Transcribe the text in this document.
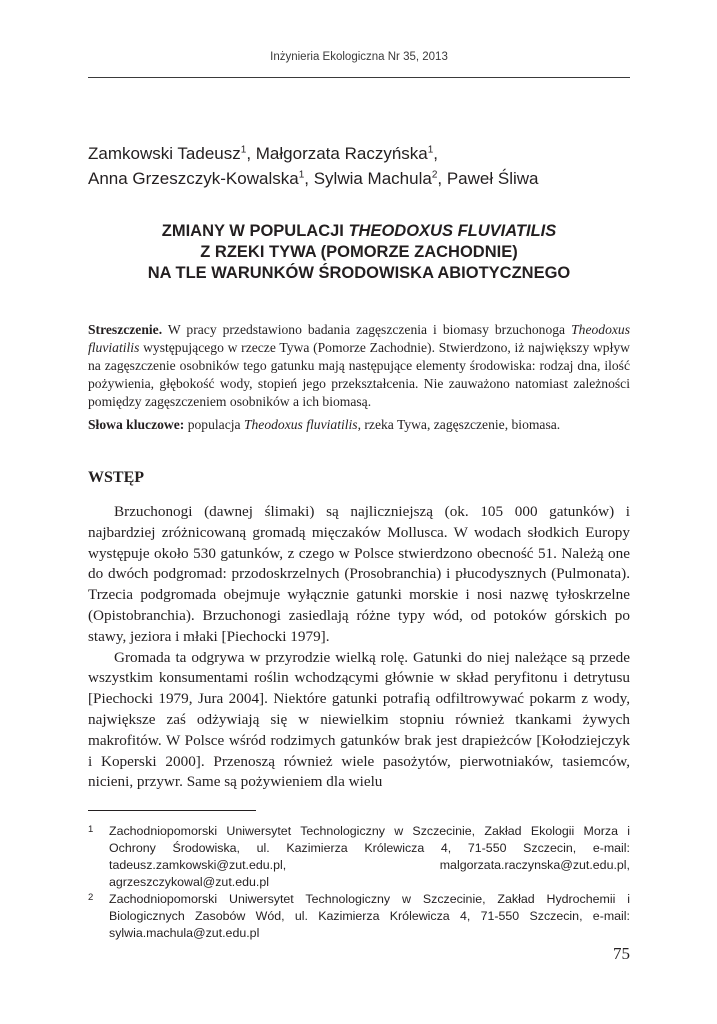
Inżynieria Ekologiczna Nr 35, 2013
Zamkowski Tadeusz$^1$, Małgorzata Raczyńska$^1$,
Anna Grzeszczyk-Kowalska$^1$, Sylwia Machula$^2$, Paweł Śliwa
ZMIANY W POPULACJI THEODOXUS FLUVIATILIS
Z RZEKI TYWA (POMORZE ZACHODNIE)
NA TLE WARUNKÓW ŚRODOWISKA ABIOTYCZNEGO

Streszczenie. W pracy przedstawiono badania zagęszczenia i biomasy brzuchonoga Theodoxus fluviatilis występującego w rzecze Tywa (Pomorze Zachodnie). Stwierdzono, iż największy wpływ na zagęszczenie osobników tego gatunku mają następujące elementy środowiska: rodzaj dna, ilość pożywienia, głębokość wody, stopień jego przekształcenia. Nie zauważono natomiast zależności pomiędzy zagęszczeniem osobników a ich biomasą.

Słowa kluczowe: populacja Theodoxus fluviatilis, rzeka Tywa, zagęszczenie, biomasa.

WSTĘP

Brzuchonogi (dawnej ślimaki) są najliczniejszą (ok. 105 000 gatunków) i najbardziej zróżnicowaną gromadą mięczaków Mollusca. W wodach słodkich Europy występuje około 530 gatunków, z czego w Polsce stwierdzono obecność 51. Należą one do dwóch podgromad: przodoskrzelnych (Prosobranchia) i płucodysznych (Pulmonata). Trzecia podgromada obejmuje wyłącznie gatunki morskie i nosi nazwę tyłoskrzelne (Opistobranchia). Brzuchonogi zasiedlają różne typy wód, od potoków górskich po stawy, jeziora i młaki [Piechocki 1979].

Gromada ta odgrywa w przyrodzie wielką rolę. Gatunki do niej należące są przede wszystkim konsumentami roślin wchodzącymi głównie w skład peryfitonu i detrytusu [Piechocki 1979, Jura 2004]. Niektóre gatunki potrafią odfiltrowywać pokarm z wody, największe zaś odżywiają się w niewielkim stopniu również tkankami żywych makrofitów. W Polsce wśród rodzimych gatunków brak jest drapieżców [Kołodziejczyk i Koperski 2000]. Przenoszą również wiele pasożytów, pierwotniaków, tasiemców, nicieni, przywr. Same są pożywieniem dla wielu

1 Zachodniopomorski Uniwersytet Technologiczny w Szczecinie, Zakład Ekologii Morza i Ochrony Środowiska, ul. Kazimierza Królewicza 4, 71-550 Szczecin, e-mail: tadeusz.zamkowski@zut.edu.pl, malgorzata.raczynska@zut.edu.pl, agrzeszczykowal@zut.edu.pl
2 Zachodniopomorski Uniwersytet Technologiczny w Szczecinie, Zakład Hydrochemii i Biologicznych Zasobów Wód, ul. Kazimierza Królewicza 4, 71-550 Szczecin, e-mail: sylwia.machula@zut.edu.pl
75
